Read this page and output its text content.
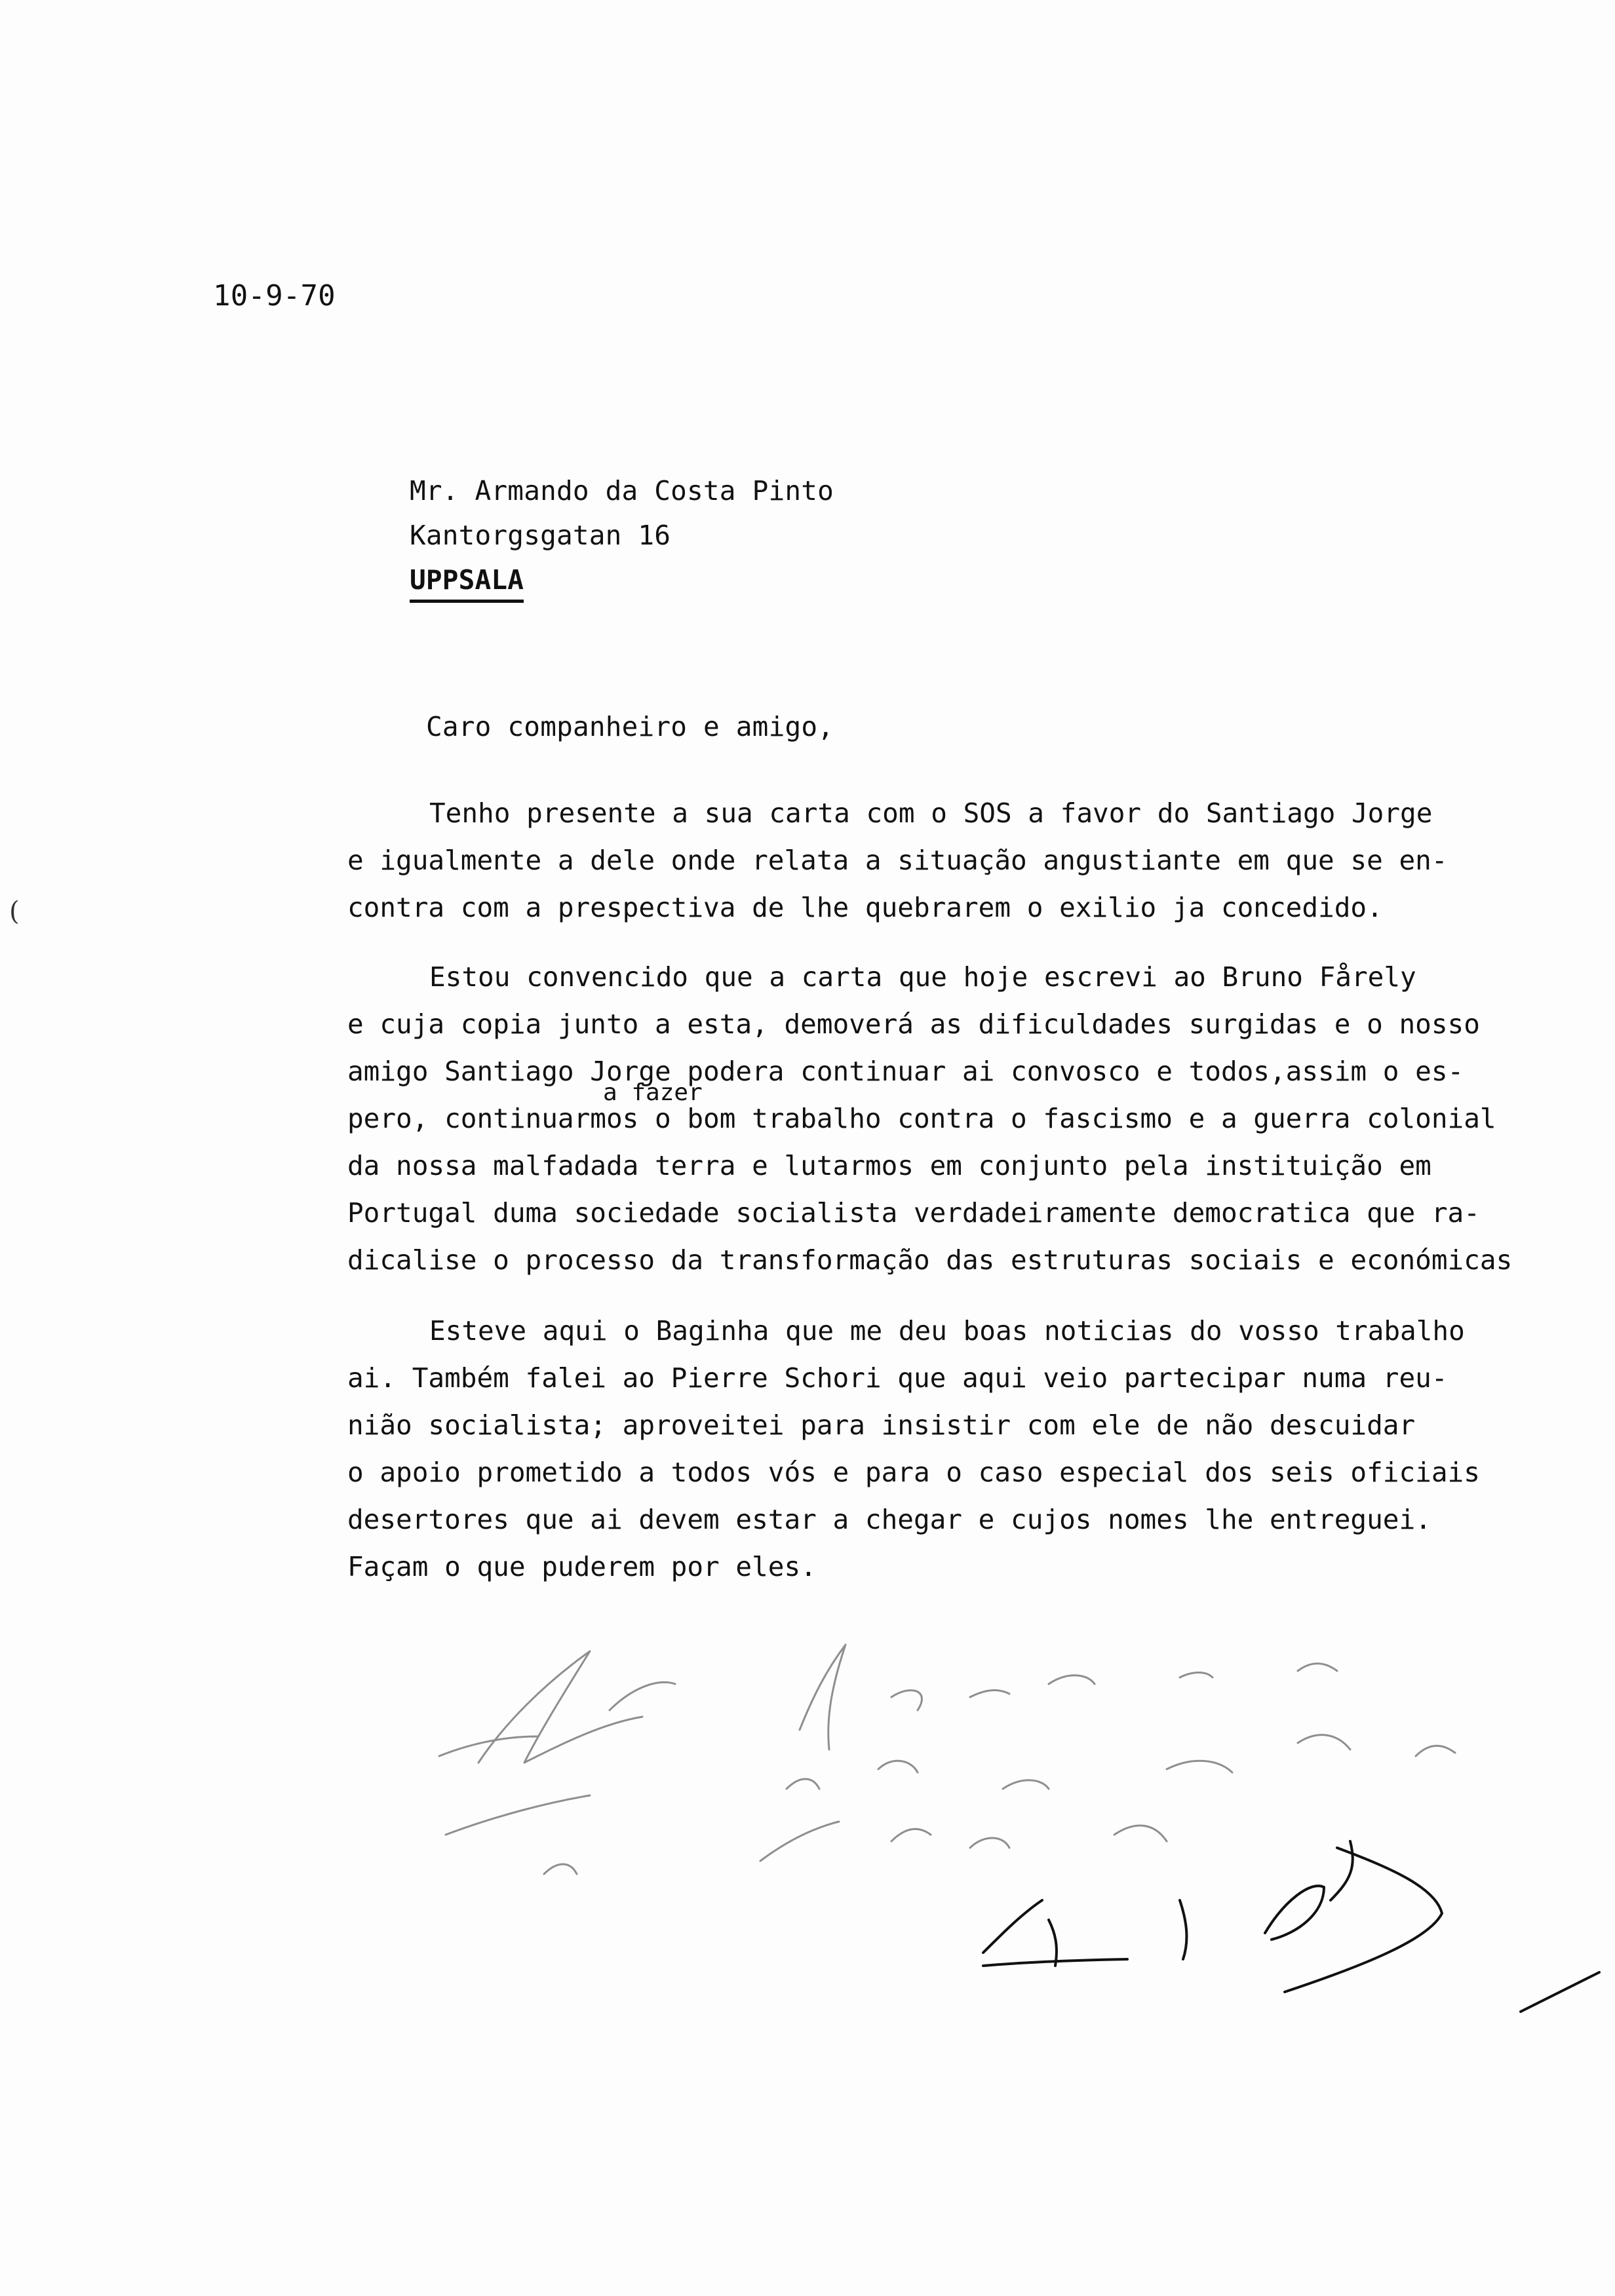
10-9-70
Mr. Armando da Costa Pinto
Kantorgsgatan 16
UPPSALA
Caro companheiro e amigo,
Tenho presente a sua carta com o SOS a favor do Santiago Jorge
e igualmente a dele onde relata a situação angustiante em que se en-
contra com a prespectiva de lhe quebrarem o exilio ja concedido.
Estou convencido que a carta que hoje escrevi ao Bruno Fårely
e cuja copia junto a esta, demoverá as dificuldades surgidas e o nosso
amigo Santiago Jorge podera continuar ai convosco e todos,assim o es-
pero, continuarmos o bom trabalho contra o fascismo e a guerra colonial
da nossa malfadada terra e lutarmos em conjunto pela instituição em
Portugal duma sociedade socialista verdadeiramente democratica que ra-
dicalise o processo da transformação das estruturas sociais e económicas
a fazer
Esteve aqui o Baginha que me deu boas noticias do vosso trabalho
ai. Também falei ao Pierre Schori que aqui veio partecipar numa reu-
nião socialista; aproveitei para insistir com ele de não descuidar
o apoio prometido a todos vós e para o caso especial dos seis oficiais
desertores que ai devem estar a chegar e cujos nomes lhe entreguei.
Façam o que puderem por eles.
(
